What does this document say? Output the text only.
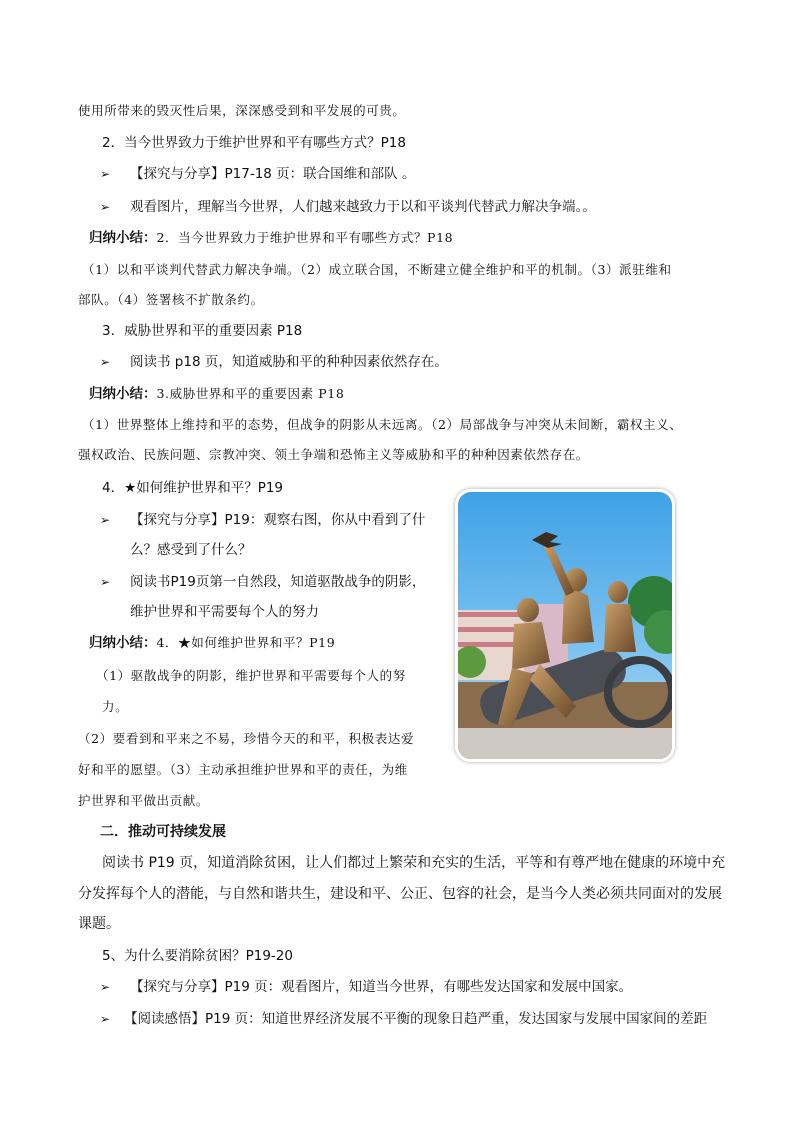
使用所带来的毁灭性后果，深深感受到和平发展的可贵。
2．当今世界致力于维护世界和平有哪些方式？P18
➢ 【探究与分享】P17-18 页：联合国维和部队 。
➢ 观看图片，理解当今世界，人们越来越致力于以和平谈判代替武力解决争端。。
归纳小结：2．当今世界致力于维护世界和平有哪些方式？P18
（1）以和平谈判代替武力解决争端。（2）成立联合国，不断建立健全维护和平的机制。（3）派驻维和
部队。（4）签署核不扩散条约。
3．威胁世界和平的重要因素 P18
➢ 阅读书 p18 页，知道威胁和平的种种因素依然存在。
归纳小结：3.威胁世界和平的重要因素 P18
（1）世界整体上维持和平的态势，但战争的阴影从未远离。（2）局部战争与冲突从未间断，霸权主义、
强权政治、民族问题、宗教冲突、领土争端和恐怖主义等威胁和平的种种因素依然存在。
4．★如何维护世界和平？P19
➢ 【探究与分享】P19：观察右图，你从中看到了什
么？感受到了什么？
➢ 阅读书P19页第一自然段，知道驱散战争的阴影，
维护世界和平需要每个人的努力
归纳小结：4．★如何维护世界和平？P19
（1）驱散战争的阴影，维护世界和平需要每个人的努
力。
（2）要看到和平来之不易，珍惜今天的和平，积极表达爱
好和平的愿望。（3）主动承担维护世界和平的责任，为维
护世界和平做出贡献。
二．推动可持续发展
阅读书 P19 页，知道消除贫困，让人们都过上繁荣和充实的生活，平等和有尊严地在健康的环境中充
分发挥每个人的潜能，与自然和谐共生，建设和平、公正、包容的社会，是当今人类必须共同面对的发展
课题。
5、为什么要消除贫困？P19-20
➢ 【探究与分享】P19 页：观看图片，知道当今世界，有哪些发达国家和发展中国家。
➢ 【阅读感悟】P19 页：知道世界经济发展不平衡的现象日趋严重，发达国家与发展中国家间的差距
